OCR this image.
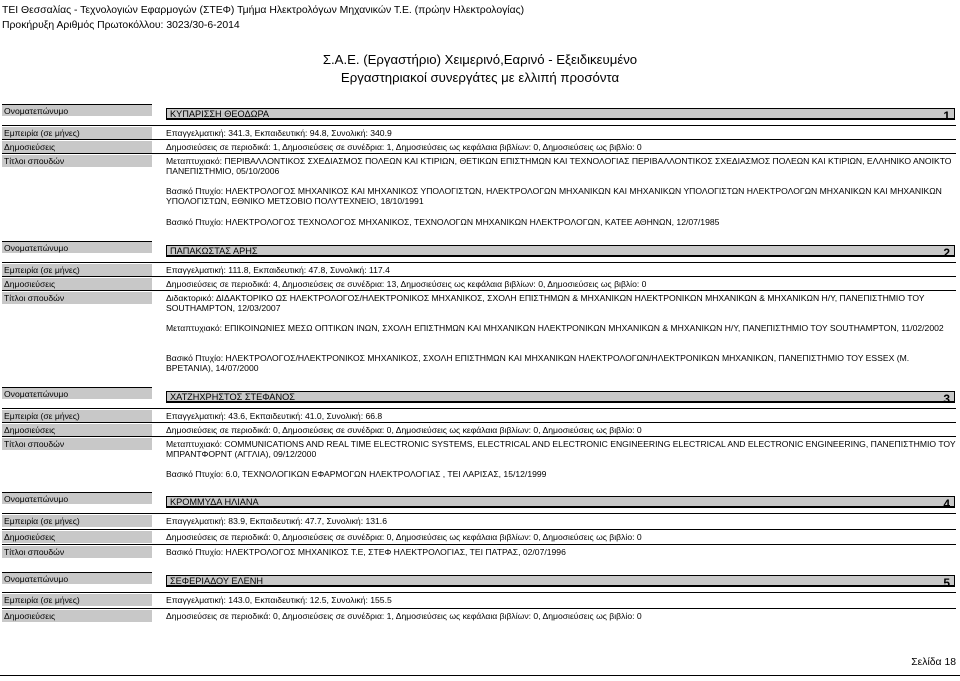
ΤΕΙ Θεσσαλίας - Τεχνολογιών Εφαρμογών (ΣΤΕΦ) Τμήμα Ηλεκτρολόγων Μηχανικών Τ.Ε. (πρώην Ηλεκτρολογίας)
Προκήρυξη Αριθμός Πρωτοκόλλου: 3023/30-6-2014
Σ.Α.Ε. (Εργαστήριο) Χειμερινό,Εαρινό - Εξειδικευμένο
Εργαστηριακοί συνεργάτες με ελλιπή προσόντα
Ονοματεπώνυμο	ΚΥΠΑΡΙΣΣΗ ΘΕΟΔΩΡΑ	1
Εμπειρία (σε μήνες)	Επαγγελματική: 341.3, Εκπαιδευτική: 94.8, Συνολική: 340.9
Δημοσιεύσεις	Δημοσιεύσεις σε περιοδικά: 1, Δημοσιεύσεις σε συνέδρια: 1, Δημοσιεύσεις ως κεφάλαια βιβλίων: 0, Δημοσιεύσεις ως βιβλίο: 0
Τίτλοι σπουδών	Μεταπτυχιακό: ΠΕΡΙΒΑΛΛΟΝΤΙΚΟΣ ΣΧΕΔΙΑΣΜΟΣ ΠΟΛΕΩΝ ΚΑΙ ΚΤΙΡΙΩΝ, ΘΕΤΙΚΩΝ ΕΠΙΣΤΗΜΩΝ ΚΑΙ ΤΕΧΝΟΛΟΓΙΑΣ ΠΕΡΙΒΑΛΛΟΝΤΙΚΟΣ ΣΧΕΔΙΑΣΜΟΣ ΠΟΛΕΩΝ ΚΑΙ ΚΤΙΡΙΩΝ, ΕΛΛΗΝΙΚΟ ΑΝΟΙΚΤΟ ΠΑΝΕΠΙΣΤΗΜΙΟ, 05/10/2006
Βασικό Πτυχίο: ΗΛΕΚΤΡΟΛΟΓΟΣ ΜΗΧΑΝΙΚΟΣ ΚΑΙ ΜΗΧΑΝΙΚΟΣ ΥΠΟΛΟΓΙΣΤΩΝ, ΗΛΕΚΤΡΟΛΟΓΩΝ ΜΗΧΑΝΙΚΩΝ ΚΑΙ ΜΗΧΑΝΙΚΩΝ ΥΠΟΛΟΓΙΣΤΩΝ ΗΛΕΚΤΡΟΛΟΓΩΝ ΜΗΧΑΝΙΚΩΝ ΚΑΙ ΜΗΧΑΝΙΚΩΝ ΥΠΟΛΟΓΙΣΤΩΝ, ΕΘΝΙΚΟ ΜΕΤΣΟΒΙΟ ΠΟΛΥΤΕΧΝΕΙΟ, 18/10/1991
Βασικό Πτυχίο: ΗΛΕΚΤΡΟΛΟΓΟΣ ΤΕΧΝΟΛΟΓΟΣ ΜΗΧΑΝΙΚΟΣ, ΤΕΧΝΟΛΟΓΩΝ ΜΗΧΑΝΙΚΩΝ ΗΛΕΚΤΡΟΛΟΓΩΝ, ΚΑΤΕΕ ΑΘΗΝΩΝ, 12/07/1985
Ονοματεπώνυμο	ΠΑΠΑΚΩΣΤΑΣ ΑΡΗΣ	2
Εμπειρία (σε μήνες)	Επαγγελματική: 111.8, Εκπαιδευτική: 47.8, Συνολική: 117.4
Δημοσιεύσεις	Δημοσιεύσεις σε περιοδικά: 4, Δημοσιεύσεις σε συνέδρια: 13, Δημοσιεύσεις ως κεφάλαια βιβλίων: 0, Δημοσιεύσεις ως βιβλίο: 0
Τίτλοι σπουδών	Διδακτορικό: ΔΙΔΑΚΤΟΡΙΚΟ ΩΣ ΗΛΕΚΤΡΟΛΟΓΟΣ/ΗΛΕΚΤΡΟΝΙΚΟΣ ΜΗΧΑΝΙΚΟΣ, ΣΧΟΛΗ ΕΠΙΣΤΗΜΩΝ & ΜΗΧΑΝΙΚΩΝ ΗΛΕΚΤΡΟΝΙΚΩΝ ΜΗΧΑΝΙΚΩΝ & ΜΗΧΑΝΙΚΩΝ Η/Υ, ΠΑΝΕΠΙΣΤΗΜΙΟ ΤΟΥ SOUTHAMPTON, 12/03/2007
Μεταπτυχιακό: ΕΠΙΚΟΙΝΩΝΙΕΣ ΜΕΣΩ ΟΠΤΙΚΩΝ ΙΝΩΝ, ΣΧΟΛΗ ΕΠΙΣΤΗΜΩΝ ΚΑΙ ΜΗΧΑΝΙΚΩΝ ΗΛΕΚΤΡΟΝΙΚΩΝ ΜΗΧΑΝΙΚΩΝ & ΜΗΧΑΝΙΚΩΝ Η/Υ, ΠΑΝΕΠΙΣΤΗΜΙΟ ΤΟΥ SOUTHAMPTON, 11/02/2002
Βασικό Πτυχίο: ΗΛΕΚΤΡΟΛΟΓΟΣ/ΗΛΕΚΤΡΟΝΙΚΟΣ ΜΗΧΑΝΙΚΟΣ, ΣΧΟΛΗ ΕΠΙΣΤΗΜΩΝ ΚΑΙ ΜΗΧΑΝΙΚΩΝ ΗΛΕΚΤΡΟΛΟΓΩΝ/ΗΛΕΚΤΡΟΝΙΚΩΝ ΜΗΧΑΝΙΚΩΝ, ΠΑΝΕΠΙΣΤΗΜΙΟ ΤΟΥ ESSEX (Μ. ΒΡΕΤΑΝΙΑ), 14/07/2000
Ονοματεπώνυμο	ΧΑΤΖΗΧΡΗΣΤΟΣ ΣΤΕΦΑΝΟΣ	3
Εμπειρία (σε μήνες)	Επαγγελματική: 43.6, Εκπαιδευτική: 41.0, Συνολική: 66.8
Δημοσιεύσεις	Δημοσιεύσεις σε περιοδικά: 0, Δημοσιεύσεις σε συνέδρια: 0, Δημοσιεύσεις ως κεφάλαια βιβλίων: 0, Δημοσιεύσεις ως βιβλίο: 0
Τίτλοι σπουδών	Μεταπτυχιακό: COMMUNICATIONS AND REAL TIME ELECTRONIC SYSTEMS, ELECTRICAL AND ELECTRONIC ENGINEERING ELECTRICAL AND ELECTRONIC ENGINEERING, ΠΑΝΕΠΙΣΤΗΜΙΟ ΤΟΥ ΜΠΡΑΝΤΦΟΡΝΤ (ΑΓΓΛΙΑ), 09/12/2000
Βασικό Πτυχίο: 6.0, ΤΕΧΝΟΛΟΓΙΚΩΝ ΕΦΑΡΜΟΓΩΝ ΗΛΕΚΤΡΟΛΟΓΙΑΣ , ΤΕΙ ΛΑΡΙΣΑΣ, 15/12/1999
Ονοματεπώνυμο	ΚΡΟΜΜΥΔΑ ΗΛΙΑΝΑ	4
Εμπειρία (σε μήνες)	Επαγγελματική: 83.9, Εκπαιδευτική: 47.7, Συνολική: 131.6
Δημοσιεύσεις	Δημοσιεύσεις σε περιοδικά: 0, Δημοσιεύσεις σε συνέδρια: 0, Δημοσιεύσεις ως κεφάλαια βιβλίων: 0, Δημοσιεύσεις ως βιβλίο: 0
Τίτλοι σπουδών	Βασικό Πτυχίο: ΗΛΕΚΤΡΟΛΟΓΟΣ ΜΗΧΑΝΙΚΟΣ Τ.Ε, ΣΤΕΦ ΗΛΕΚΤΡΟΛΟΓΙΑΣ, ΤΕΙ ΠΑΤΡΑΣ, 02/07/1996
Ονοματεπώνυμο	ΣΕΦΕΡΙΑΔΟΥ ΕΛΕΝΗ	5
Εμπειρία (σε μήνες)	Επαγγελματική: 143.0, Εκπαιδευτική: 12.5, Συνολική: 155.5
Δημοσιεύσεις	Δημοσιεύσεις σε περιοδικά: 0, Δημοσιεύσεις σε συνέδρια: 1, Δημοσιεύσεις ως κεφάλαια βιβλίων: 0, Δημοσιεύσεις ως βιβλίο: 0
Σελίδα 18
